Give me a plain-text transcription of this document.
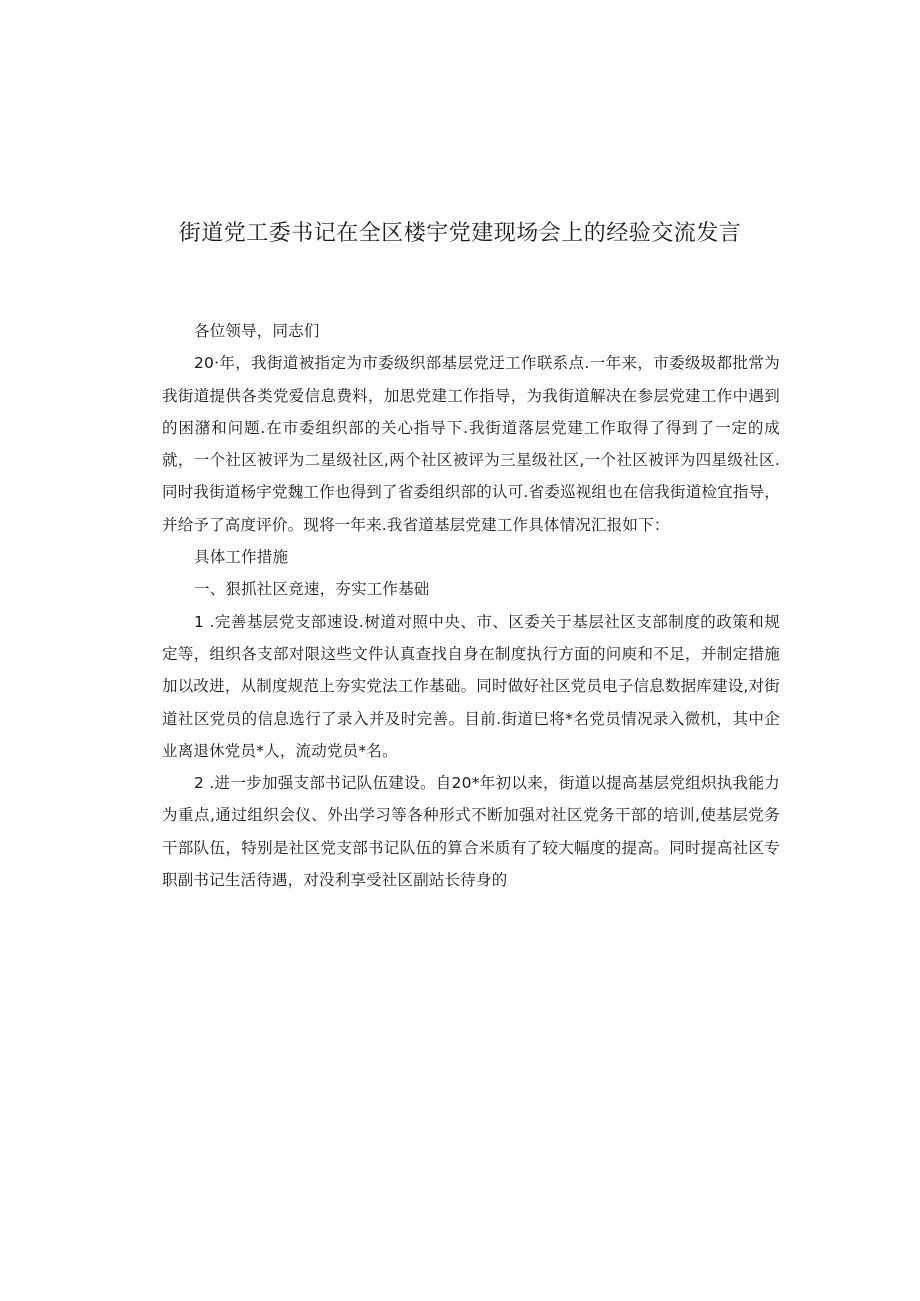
街道党工委书记在全区楼宇党建现场会上的经验交流发言

各位领导，同志们

20·年，我街道被指定为市委级织部基层党迂工作联系点.一年来，市委级圾都批常为我街道提供各类党爱信息费料，加思党建工作指导，为我街道解决在参层党建工作中遇到的困潴和问题.在市委组织部的关心指导下.我街道落层党建工作取得了得到了一定的成就，一个社区被评为二星级社区,两个社区被评为三星级社区,一个社区被评为四星级社区.同时我街道杨宇党魏工作也得到了省委组织部的认可.省委巡视组也在信我街道检宜指导，并给予了高度评价。现将一年来.我省道基层党建工作具体情况汇报如下：

具体工作措施

一、狠抓社区竞速，夯实工作基础

1 .完善基层党支部速设.树道对照中央、市、区委关于基层社区支部制度的政策和规定等，组织各支部对限这些文件认真查找自身在制度执行方面的问庾和不足，并制定措施加以改进，从制度规范上夯实党法工作基础。同时做好社区党员电子信息数据库建设,对街道社区党员的信息选行了录入并及时完善。目前.街道巳将*名党员情况录入微机，其中企业离退休党员*人，流动党员*名。

2 .进一步加强支部书记队伍建设。自20*年初以来，街道以提高基层党组炽执我能力为重点,通过组织会仪、外出学习等各种形式不断加强对社区党务干部的培训,使基层党务干部队伍，特别是社区党支部书记队伍的算合米质有了较大幅度的提高。同时提高社区专职副书记生活待遇，对没利享受社区副站长待身的
